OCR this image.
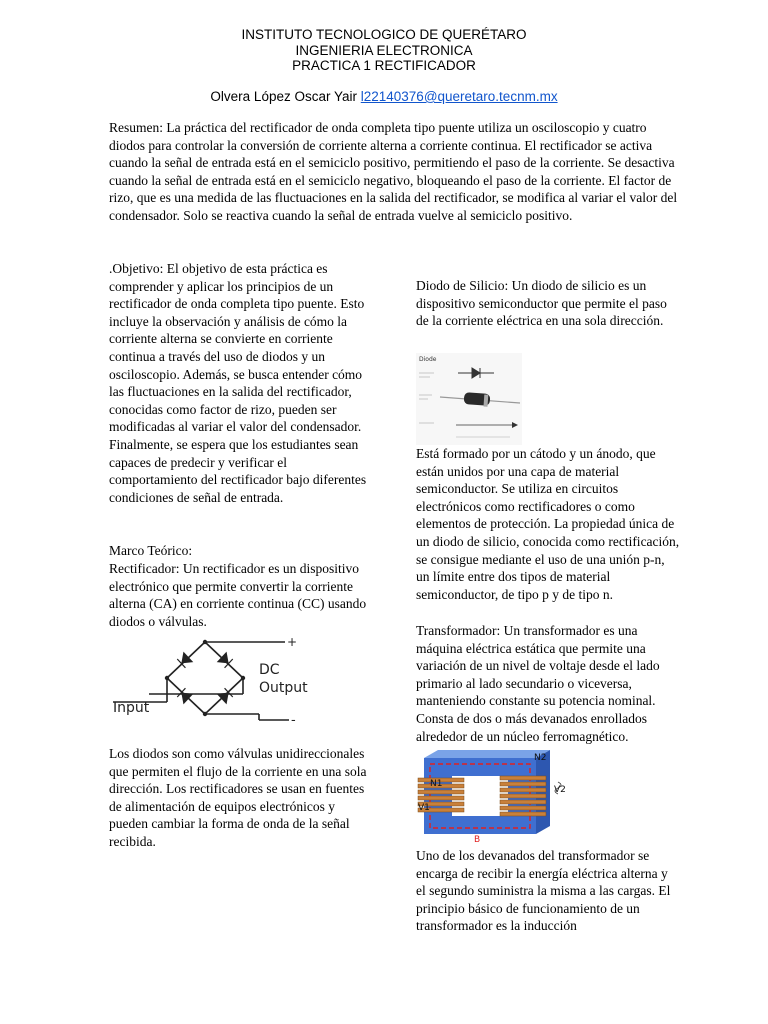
INSTITUTO TECNOLOGICO DE QUERÉTARO
INGENIERIA ELECTRONICA
PRACTICA 1 RECTIFICADOR
Olvera López Oscar Yair l22140376@queretaro.tecnm.mx

Resumen: La práctica del rectificador de onda completa tipo puente utiliza un osciloscopio y cuatro diodos para controlar la conversión de corriente alterna a corriente continua. El rectificador se activa cuando la señal de entrada está en el semiciclo positivo, permitiendo el paso de la corriente. Se desactiva cuando la señal de entrada está en el semiciclo negativo, bloqueando el paso de la corriente. El factor de rizo, que es una medida de las fluctuaciones en la salida del rectificador, se modifica al variar el valor del condensador. Solo se reactiva cuando la señal de entrada vuelve al semiciclo positivo.

.Objetivo: El objetivo de esta práctica es comprender y aplicar los principios de un rectificador de onda completa tipo puente. Esto incluye la observación y análisis de cómo la corriente alterna se convierte en corriente continua a través del uso de diodos y un osciloscopio. Además, se busca entender cómo las fluctuaciones en la salida del rectificador, conocidas como factor de rizo, pueden ser modificadas al variar el valor del condensador. Finalmente, se espera que los estudiantes sean capaces de predecir y verificar el comportamiento del rectificador bajo diferentes condiciones de señal de entrada.

Marco Teórico:

Rectificador: Un rectificador es un dispositivo electrónico que permite convertir la corriente alterna (CA) en corriente continua (CC) usando diodos o válvulas.

+
-
DC
Output
Input

Los diodos son como válvulas unidireccionales que permiten el flujo de la corriente en una sola dirección. Los rectificadores se usan en fuentes de alimentación de equipos electrónicos y pueden cambiar la forma de onda de la señal recibida.

Diodo de Silicio: Un diodo de silicio es un dispositivo semiconductor que permite el paso de la corriente eléctrica en una sola dirección.

Diode

Está formado por un cátodo y un ánodo, que están unidos por una capa de material semiconductor. Se utiliza en circuitos electrónicos como rectificadores o como elementos de protección. La propiedad única de un diodo de silicio, conocida como rectificación, se consigue mediante el uso de una unión p-n, un límite entre dos tipos de material semiconductor, de tipo p y de tipo n.

Transformador: Un transformador es una máquina eléctrica estática que permite una variación de un nivel de voltaje desde el lado primario al lado secundario o viceversa, manteniendo constante su potencia nominal. Consta de dos o más devanados enrollados alrededor de un núcleo ferromagnético.

N1
N2
V1
V2
B

Uno de los devanados del transformador se encarga de recibir la energía eléctrica alterna y el segundo suministra la misma a las cargas. El principio básico de funcionamiento de un transformador es la inducción
